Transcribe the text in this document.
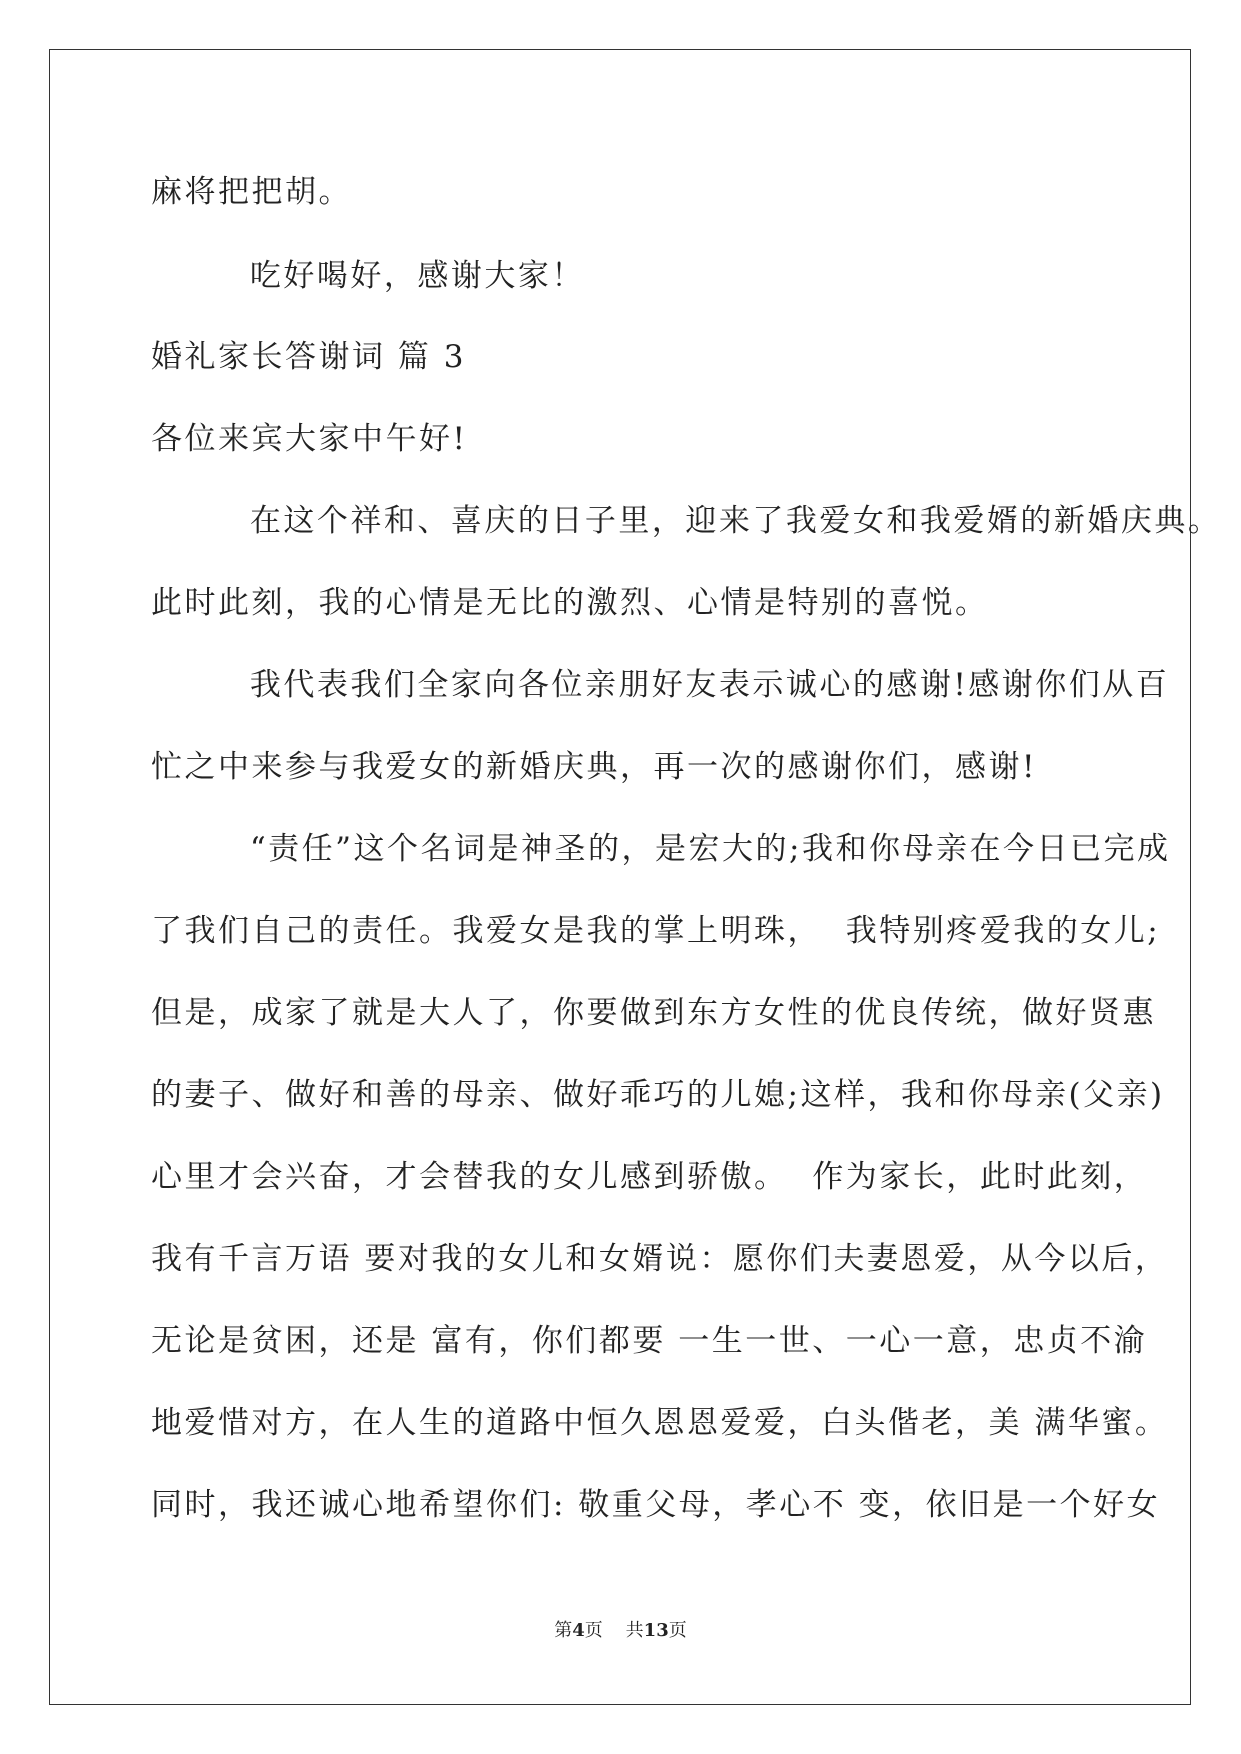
麻将把把胡。
吃好喝好，感谢大家！
婚礼家长答谢词 篇 3
各位来宾大家中午好!
在这个祥和、喜庆的日子里，迎来了我爱女和我爱婿的新婚庆典。
此时此刻，我的心情是无比的激烈、心情是特别的喜悦。
我代表我们全家向各位亲朋好友表示诚心的感谢!感谢你们从百
忙之中来参与我爱女的新婚庆典，再一次的感谢你们，感谢!
“责任”这个名词是神圣的，是宏大的;我和你母亲在今日已完成
了我们自己的责任。我爱女是我的掌上明珠，  我特别疼爱我的女儿;
但是，成家了就是大人了，你要做到东方女性的优良传统，做好贤惠
的妻子、做好和善的母亲、做好乖巧的儿媳;这样，我和你母亲(父亲)
心里才会兴奋，才会替我的女儿感到骄傲。  作为家长，此时此刻，
我有千言万语 要对我的女儿和女婿说：愿你们夫妻恩爱，从今以后，
无论是贫困，还是 富有，你们都要 一生一世、一心一意，忠贞不渝
地爱惜对方，在人生的道路中恒久恩恩爱爱，白头偕老，美 满华蜜。
同时，我还诚心地希望你们: 敬重父母，孝心不 变，依旧是一个好女
第4页 共13页
